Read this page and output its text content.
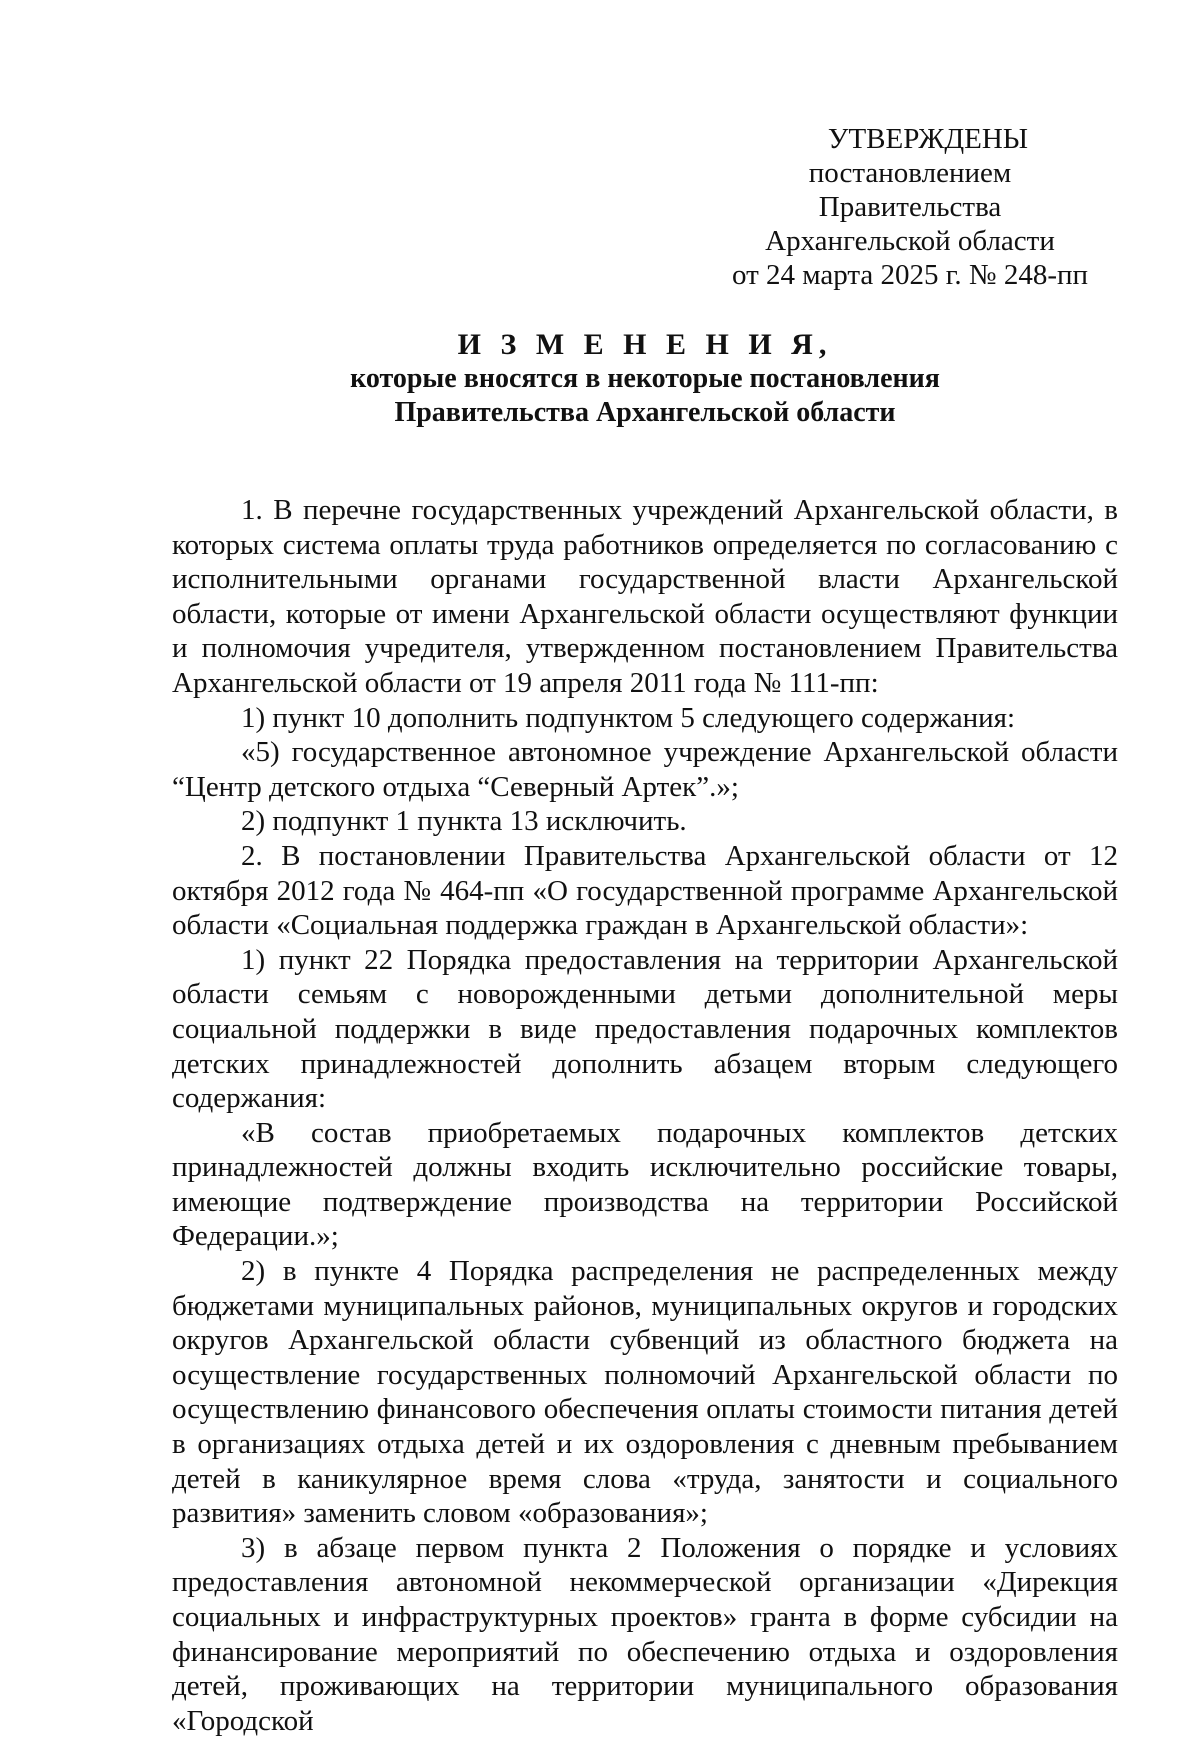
УТВЕРЖДЕНЫ
постановлением Правительства
Архангельской области
от 24 марта 2025 г. № 248-пп
И З М Е Н Е Н И Я,
которые вносятся в некоторые постановления
Правительства Архангельской области

1. В перечне государственных учреждений Архангельской области, в которых система оплаты труда работников определяется по согласованию с исполнительными органами государственной власти Архангельской области, которые от имени Архангельской области осуществляют функции и полномочия учредителя, утвержденном постановлением Правительства Архангельской области от 19 апреля 2011 года № 111-пп:

1) пункт 10 дополнить подпунктом 5 следующего содержания:

«5) государственное автономное учреждение Архангельской области “Центр детского отдыха “Северный Артек”.»;

2) подпункт 1 пункта 13 исключить.

2. В постановлении Правительства Архангельской области от 12 октября 2012 года № 464-пп «О государственной программе Архангельской области «Социальная поддержка граждан в Архангельской области»:

1) пункт 22 Порядка предоставления на территории Архангельской области семьям с новорожденными детьми дополнительной меры социальной поддержки в виде предоставления подарочных комплектов детских принадлежностей дополнить абзацем вторым следующего содержания:

«В состав приобретаемых подарочных комплектов детских принадлежностей должны входить исключительно российские товары, имеющие подтверждение производства на территории Российской Федерации.»;

2) в пункте 4 Порядка распределения не распределенных между бюджетами муниципальных районов, муниципальных округов и городских округов Архангельской области субвенций из областного бюджета на осуществление государственных полномочий Архангельской области по осуществлению финансового обеспечения оплаты стоимости питания детей в организациях отдыха детей и их оздоровления с дневным пребыванием детей в каникулярное время слова «труда, занятости и социального развития» заменить словом «образования»;

3) в абзаце первом пункта 2 Положения о порядке и условиях предоставления автономной некоммерческой организации «Дирекция социальных и инфраструктурных проектов» гранта в форме субсидии на финансирование мероприятий по обеспечению отдыха и оздоровления детей, проживающих на территории муниципального образования «Городской
